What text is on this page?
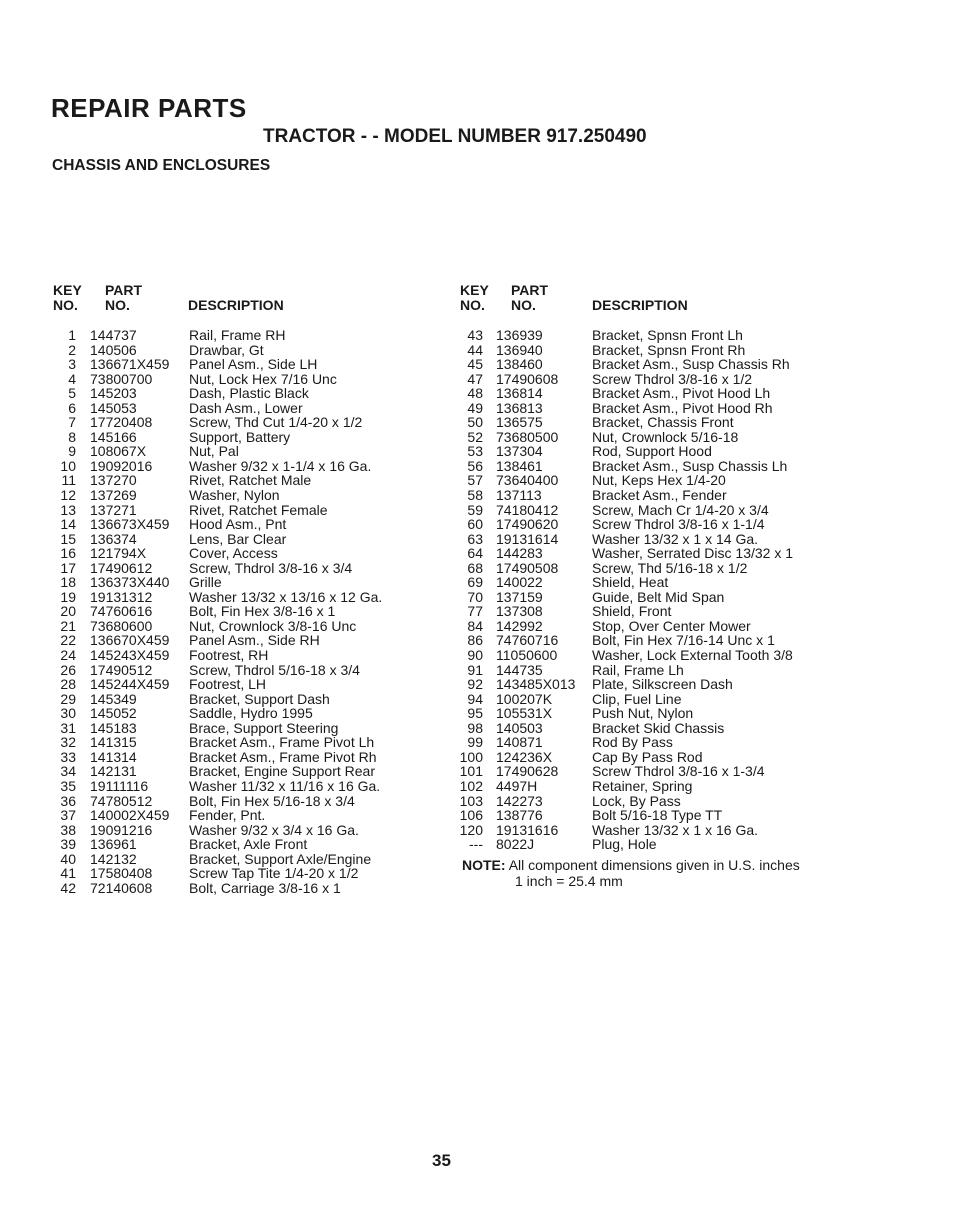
REPAIR PARTS
TRACTOR - - MODEL NUMBER 917.250490
CHASSIS AND ENCLOSURES
KEY
NO.
PART
NO.	DESCRIPTION
1 144737	Rail, Frame RH
2 140506	Drawbar, Gt
3 136671X459 Panel Asm., Side LH
4 73800700	Nut, Lock Hex 7/16 Unc
5 145203	Dash, Plastic Black
6 145053	Dash Asm., Lower
7 17720408	Screw, Thd Cut 1/4-20 x 1/2
8 145166	Support, Battery
9 108067X	Nut, Pal
10 19092016	Washer 9/32 x 1-1/4 x 16 Ga.
11 137270	Rivet, Ratchet Male
12 137269	Washer, Nylon
13 137271	Rivet, Ratchet Female
14 136673X459 Hood Asm., Pnt
15 136374	Lens, Bar Clear
16 121794X	Cover, Access
17 17490612	Screw, Thdrol 3/8-16 x 3/4
18 136373X440 Grille
19 19131312	Washer 13/32 x 13/16 x 12 Ga.
20 74760616	Bolt, Fin Hex 3/8-16 x 1
21 73680600	Nut, Crownlock 3/8-16 Unc
22 136670X459 Panel Asm., Side RH
24 145243X459 Footrest, RH
26 17490512	Screw, Thdrol 5/16-18 x 3/4
28 145244X459 Footrest, LH
29 145349	Bracket, Support Dash
30 145052	Saddle, Hydro 1995
31 145183	Brace, Support Steering
32 141315	Bracket Asm., Frame Pivot Lh
33 141314	Bracket Asm., Frame Pivot Rh
34 142131	Bracket, Engine Support Rear
35 19111116	Washer 11/32 x 11/16 x 16 Ga.
36 74780512	Bolt, Fin Hex 5/16-18 x 3/4
37 140002X459 Fender, Pnt.
38 19091216	Washer 9/32 x 3/4 x 16 Ga.
39 136961	Bracket, Axle Front
40 142132	Bracket, Support Axle/Engine
41 17580408	Screw Tap Tite 1/4-20 x 1/2
42 72140608	Bolt, Carriage 3/8-16 x 1
KEY
NO.
PART
NO.	DESCRIPTION
43 136939	Bracket, Spnsn Front Lh
44 136940	Bracket, Spnsn Front Rh
45 138460	Bracket Asm., Susp Chassis Rh
47 17490608 Screw Thdrol 3/8-16 x 1/2
48 136814	Bracket Asm., Pivot Hood Lh
49 136813	Bracket Asm., Pivot Hood Rh
50 136575	Bracket, Chassis Front
52 73680500 Nut, Crownlock 5/16-18
53 137304	Rod, Support Hood
56 138461	Bracket Asm., Susp Chassis Lh
57 73640400 Nut, Keps Hex 1/4-20
58 137113	Bracket Asm., Fender
59 74180412 Screw, Mach Cr 1/4-20 x 3/4
60 17490620 Screw Thdrol 3/8-16 x 1-1/4
63 19131614 Washer 13/32 x 1 x 14 Ga.
64 144283	Washer, Serrated Disc 13/32 x 1
68 17490508 Screw, Thd 5/16-18 x 1/2
69 140022	Shield, Heat
70 137159	Guide, Belt Mid Span
77 137308	Shield, Front
84 142992	Stop, Over Center Mower
86 74760716 Bolt, Fin Hex 7/16-14 Unc x 1
90 11050600 Washer, Lock External Tooth 3/8
91 144735	Rail, Frame Lh
92 143485X013 Plate, Silkscreen Dash
94 100207K	Clip, Fuel Line
95 105531X	Push Nut, Nylon
98 140503	Bracket Skid Chassis
99 140871	Rod By Pass
100 124236X	Cap By Pass Rod
101 17490628 Screw Thdrol 3/8-16 x 1-3/4
102 4497H	Retainer, Spring
103 142273	Lock, By Pass
106 138776	Bolt 5/16-18 Type TT
120 19131616 Washer 13/32 x 1 x 16 Ga.
--- 8022J	Plug, Hole
NOTE: All component dimensions given in U.S. inches
1 inch = 25.4 mm
35
